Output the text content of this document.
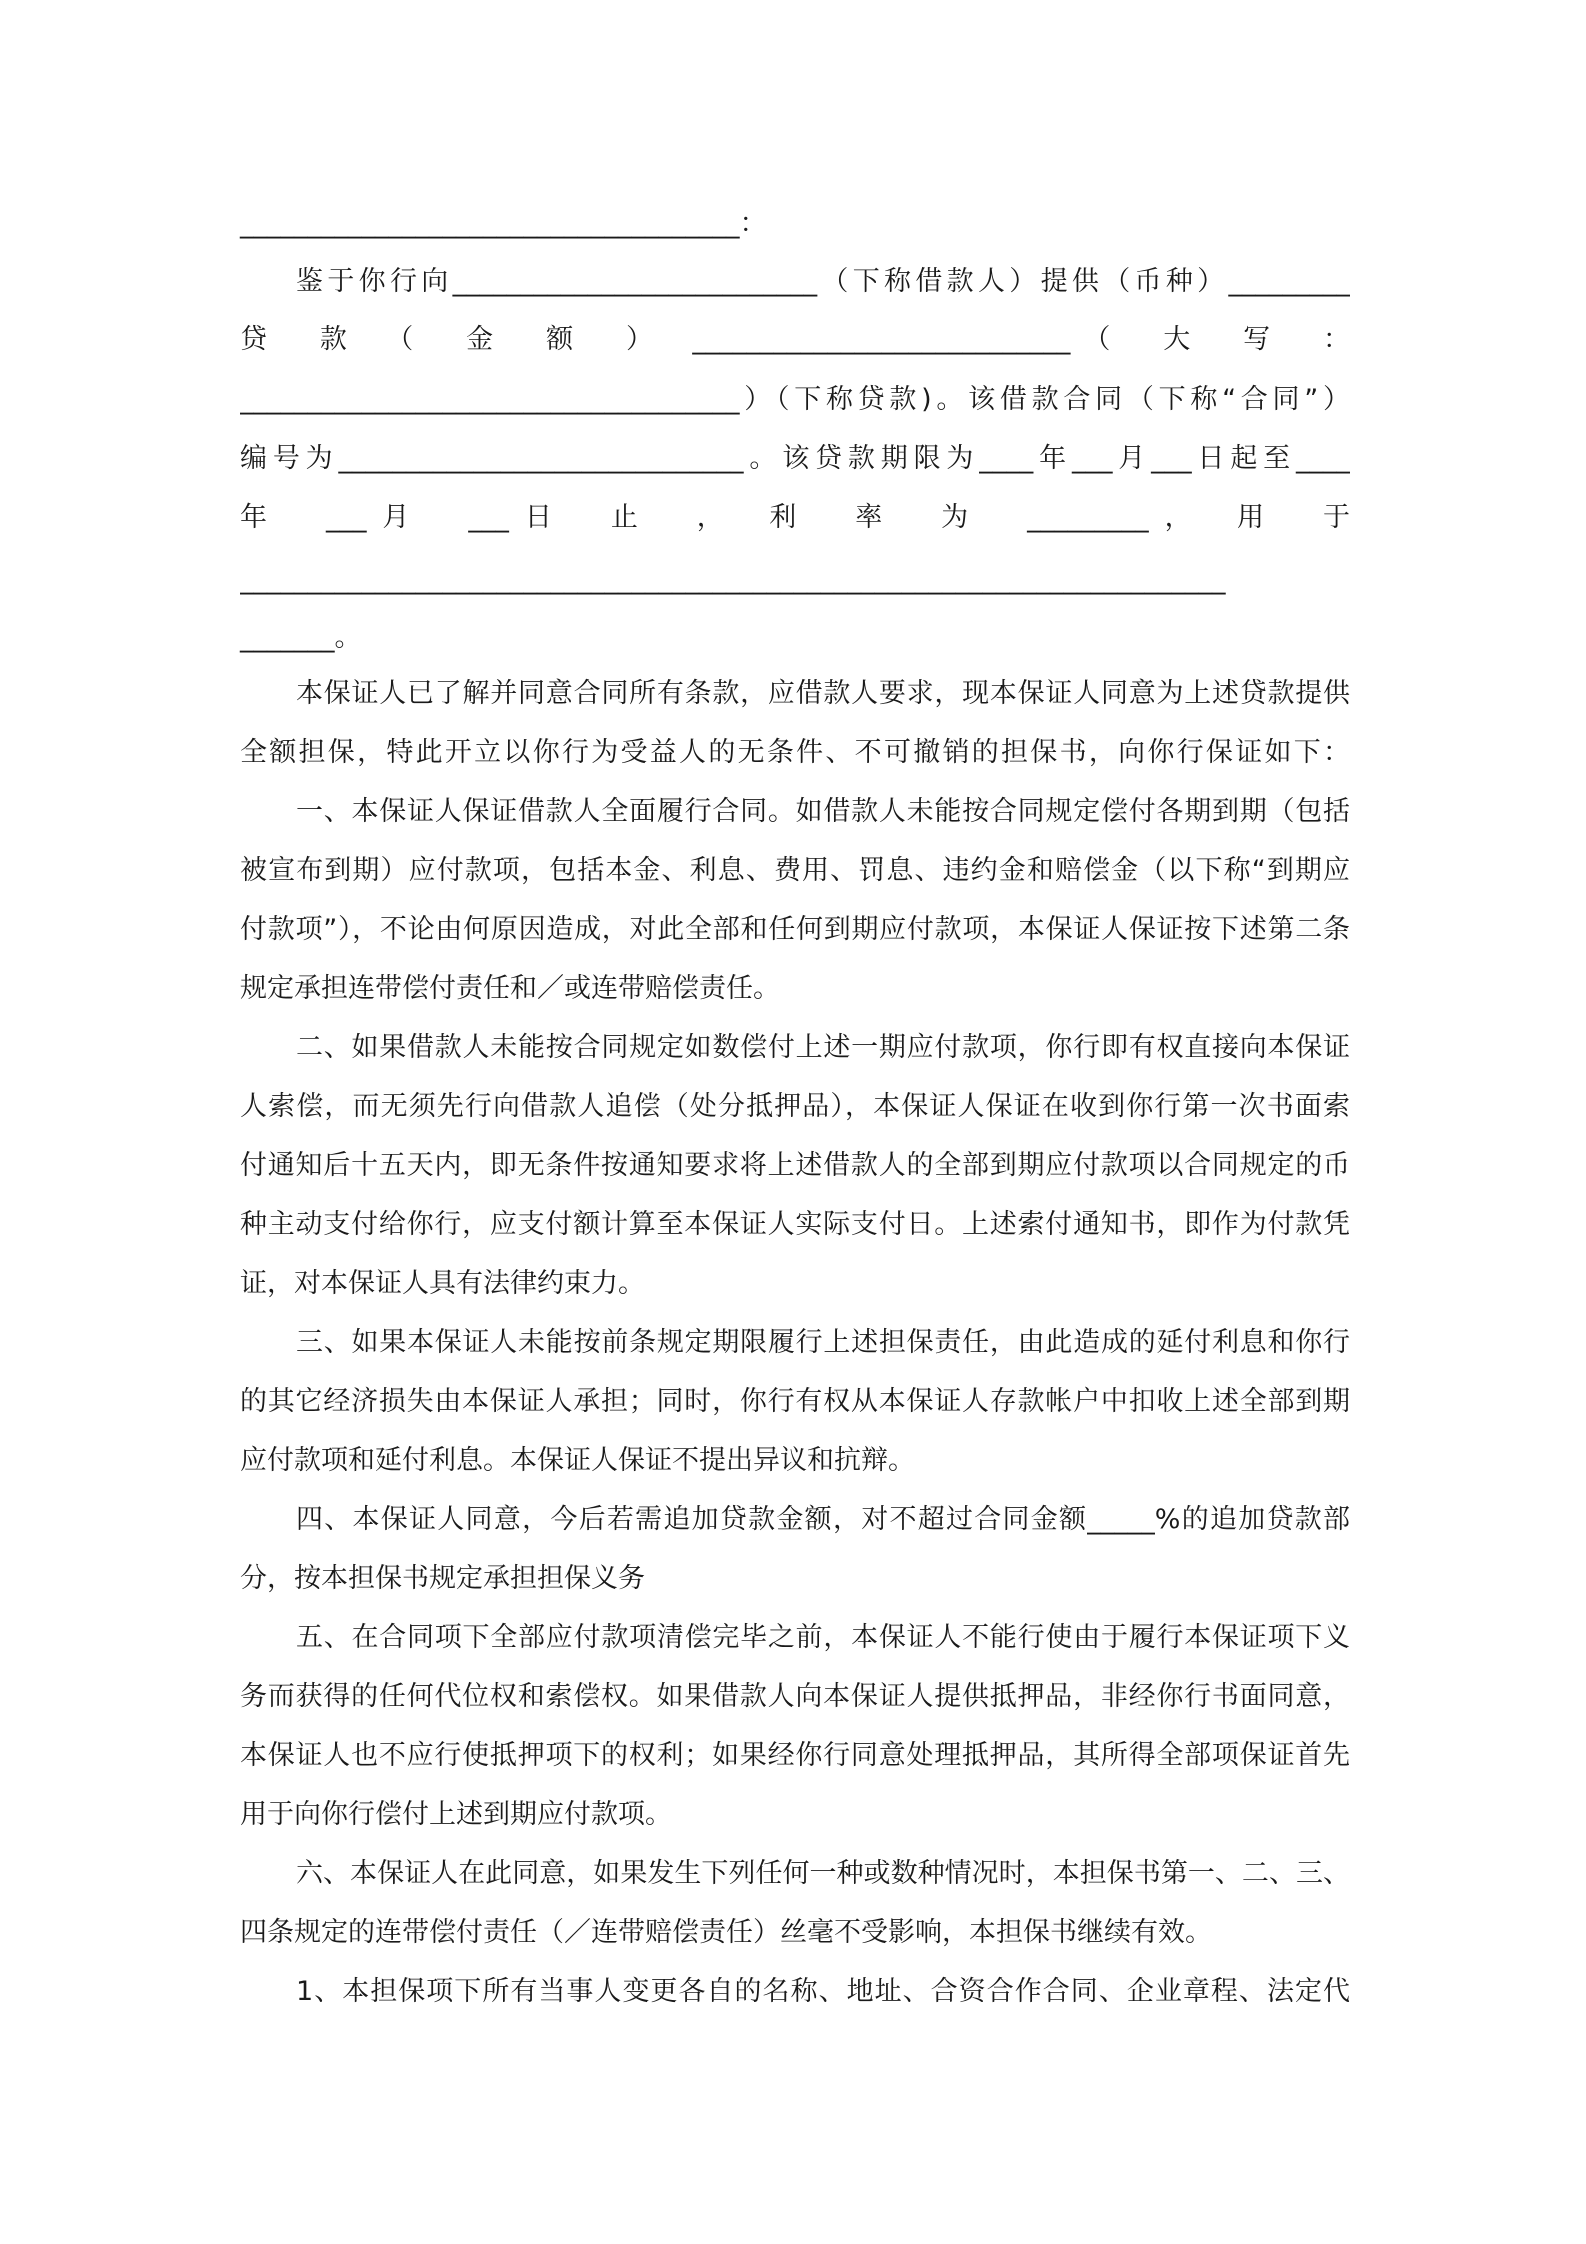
_____________________________________：
鉴于你行向___________________________（下称借款人）提供（币种）_________
贷　款　（　金　额　）　____________________________（　大　写　：
_____________________________________）（下称贷款)。该借款合同（下称“合同”）
编号为______________________________。该贷款期限为____年___月___日起至____
年　___月　___日　止　，　利　率　为　_________，　用　于
_________________________________________________________________________
_______。
本保证人已了解并同意合同所有条款，应借款人要求，现本保证人同意为上述贷款提供
全额担保，特此开立以你行为受益人的无条件、不可撤销的担保书，向你行保证如下：
一、本保证人保证借款人全面履行合同。如借款人未能按合同规定偿付各期到期（包括
被宣布到期）应付款项，包括本金、利息、费用、罚息、违约金和赔偿金（以下称“到期应
付款项”），不论由何原因造成，对此全部和任何到期应付款项，本保证人保证按下述第二条
规定承担连带偿付责任和／或连带赔偿责任。
二、如果借款人未能按合同规定如数偿付上述一期应付款项，你行即有权直接向本保证
人索偿，而无须先行向借款人追偿（处分抵押品），本保证人保证在收到你行第一次书面索
付通知后十五天内，即无条件按通知要求将上述借款人的全部到期应付款项以合同规定的币
种主动支付给你行，应支付额计算至本保证人实际支付日。上述索付通知书，即作为付款凭
证，对本保证人具有法律约束力。
三、如果本保证人未能按前条规定期限履行上述担保责任，由此造成的延付利息和你行
的其它经济损失由本保证人承担；同时，你行有权从本保证人存款帐户中扣收上述全部到期
应付款项和延付利息。本保证人保证不提出异议和抗辩。
四、本保证人同意，今后若需追加贷款金额，对不超过合同金额_____%的追加贷款部
分，按本担保书规定承担担保义务
五、在合同项下全部应付款项清偿完毕之前，本保证人不能行使由于履行本保证项下义
务而获得的任何代位权和索偿权。如果借款人向本保证人提供抵押品，非经你行书面同意，
本保证人也不应行使抵押项下的权利；如果经你行同意处理抵押品，其所得全部项保证首先
用于向你行偿付上述到期应付款项。
六、本保证人在此同意，如果发生下列任何一种或数种情况时，本担保书第一、二、三、
四条规定的连带偿付责任（／连带赔偿责任）丝毫不受影响，本担保书继续有效。
1、本担保项下所有当事人变更各自的名称、地址、合资合作合同、企业章程、法定代
